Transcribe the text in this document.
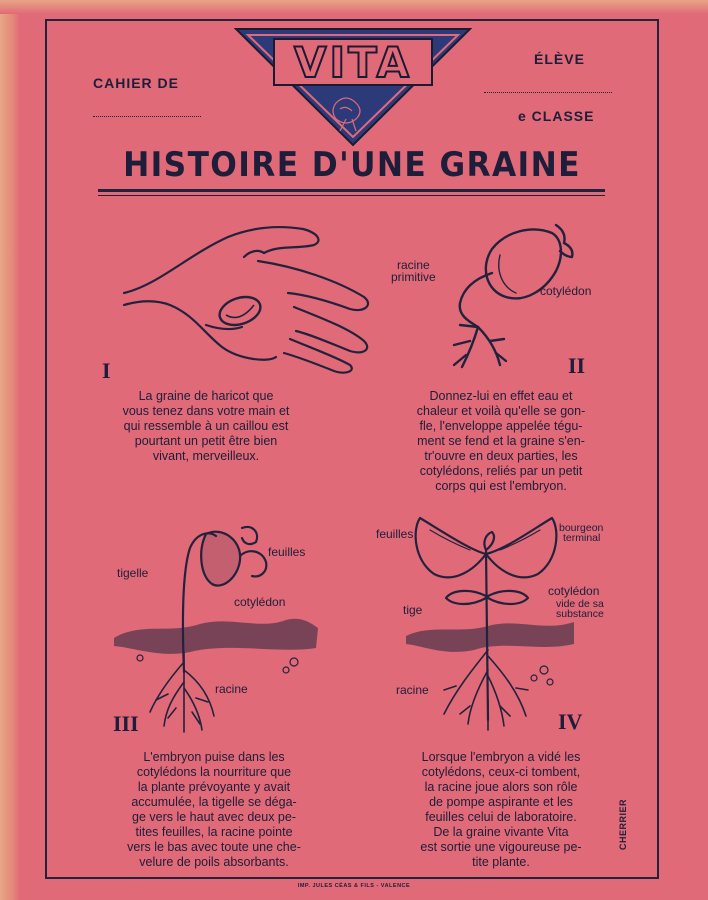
CAHIER DE
ÉLÈVE
e CLASSE
VITA
HISTOIRE D'UNE GRAINE
I
La graine de haricot que
vous tenez dans votre main et
qui ressemble à un caillou est
pourtant un petit être bien
vivant, merveilleux.
racine
primitive
cotylédon
II
Donnez-lui en effet eau et
chaleur et voilà qu'elle se gon-
fle, l'enveloppe appelée tégu-
ment se fend et la graine s'en-
tr'ouvre en deux parties, les
cotylédons, reliés par un petit
corps qui est l'embryon.
feuilles
tigelle
cotylédon
racine
III
L'embryon puise dans les
cotylédons la nourriture que
la plante prévoyante y avait
accumulée, la tigelle se déga-
ge vers le haut avec deux pe-
tites feuilles, la racine pointe
vers le bas avec toute une che-
velure de poils absorbants.
feuilles	bourgeon
terminal
cotylédon
vide de sa
substance
tige
racine
IV
Lorsque l'embryon a vidé les
cotylédons, ceux-ci tombent,
la racine joue alors son rôle
de pompe aspirante et les
feuilles celui de laboratoire.
De la graine vivante Vita
est sortie une vigoureuse pe-
tite plante.
CHERRIER
IMP. JULES CÉAS & FILS - VALENCE
